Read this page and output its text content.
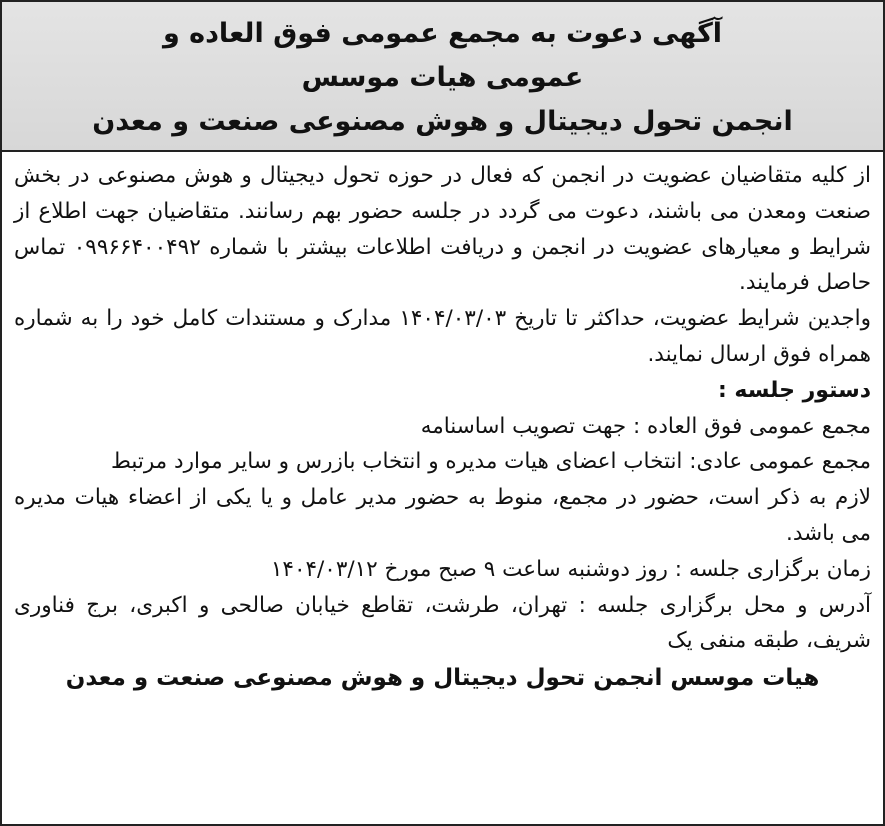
آگهی دعوت به مجمع عمومی فوق العاده و
عمومی هیات موسس
انجمن تحول دیجیتال و هوش مصنوعی صنعت و معدن

از کلیه متقاضیان عضویت در انجمن که فعال در حوزه تحول دیجیتال و هوش مصنوعی در بخش صنعت ومعدن می باشند، دعوت می گردد در جلسه حضور بهم رسانند. متقاضیان جهت اطلاع از شرایط و معیارهای عضویت در انجمن و دریافت اطلاعات بیشتر با شماره ۰۹۹۶۶۴۰۰۴۹۲ تماس حاصل فرمایند.

واجدین شرایط عضویت، حداکثر تا تاریخ ۱۴۰۴/۰۳/۰۳ مدارک و مستندات کامل خود را به شماره همراه فوق ارسال نمایند.

دستور جلسه :

مجمع عمومی فوق العاده : جهت تصویب اساسنامه

مجمع عمومی عادی: انتخاب اعضای هیات مدیره و انتخاب بازرس و سایر موارد مرتبط

لازم به ذکر است، حضور در مجمع، منوط به حضور مدیر عامل و یا یکی از اعضاء هیات مدیره می باشد.

زمان برگزاری جلسه : روز دوشنبه ساعت ۹ صبح مورخ ۱۴۰۴/۰۳/۱۲

آدرس و محل برگزاری جلسه : تهران، طرشت، تقاطع خیابان صالحی و اکبری، برج فناوری شریف، طبقه منفی یک

هیات موسس انجمن تحول دیجیتال و هوش مصنوعی صنعت و معدن
